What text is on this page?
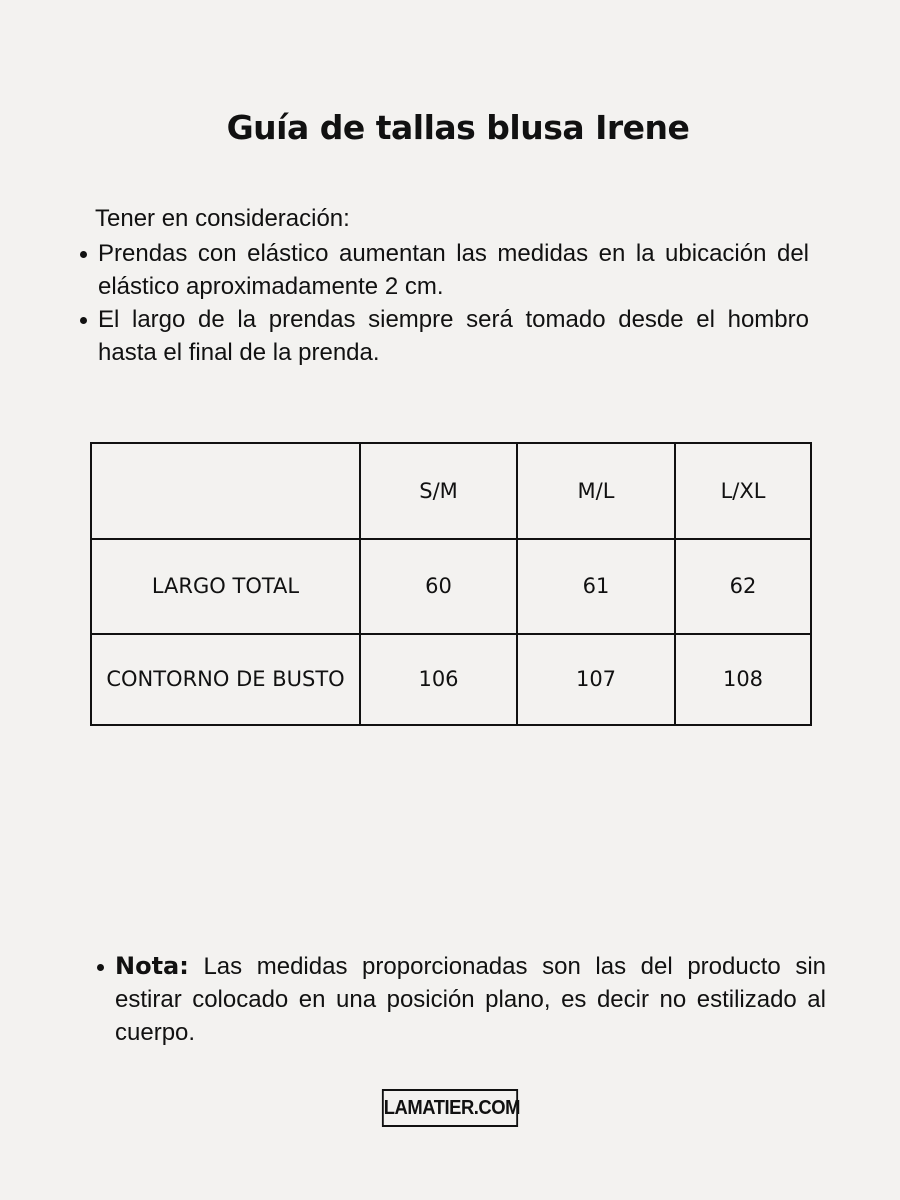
Guía de tallas blusa Irene

Tener en consideración:

Prendas con elástico aumentan las medidas en la ubicación del elástico aproximadamente 2 cm.
El largo de la prendas siempre será tomado desde el hombro hasta el final de la prenda.
	S/M	M/L	L/XL
LARGO TOTAL	60	61	62
CONTORNO DE BUSTO	106	107	108
Nota: Las medidas proporcionadas son las del producto sin estirar colocado en una posición plano, es decir no estilizado al cuerpo.
LAMATIER.COM
